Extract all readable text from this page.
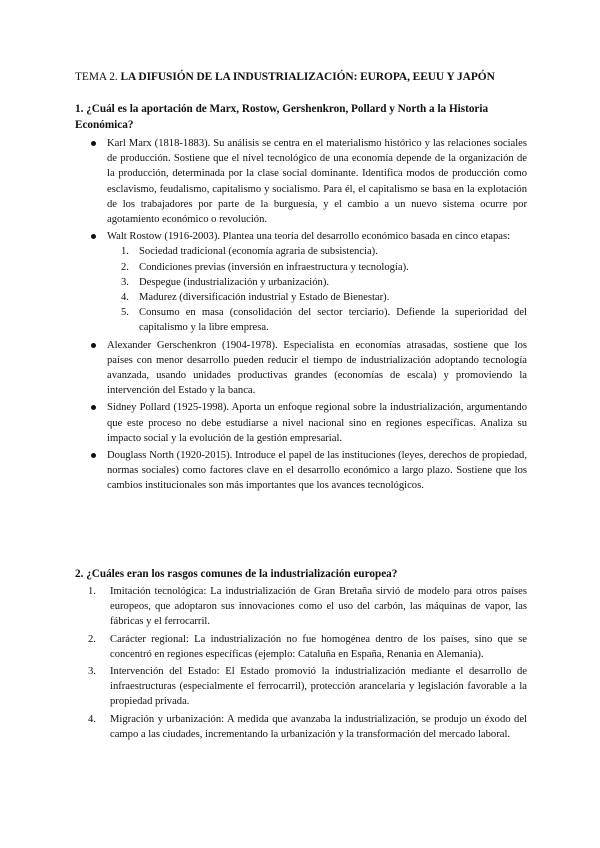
TEMA 2. LA DIFUSIÓN DE LA INDUSTRIALIZACIÓN: EUROPA, EEUU Y JAPÓN
1. ¿Cuál es la aportación de Marx, Rostow, Gershenkron, Pollard y North a la Historia Económica?
Karl Marx (1818-1883). Su análisis se centra en el materialismo histórico y las relaciones sociales de producción. Sostiene que el nivel tecnológico de una economía depende de la organización de la producción, determinada por la clase social dominante. Identifica modos de producción como esclavismo, feudalismo, capitalismo y socialismo. Para él, el capitalismo se basa en la explotación de los trabajadores por parte de la burguesía, y el cambio a un nuevo sistema ocurre por agotamiento económico o revolución.
Walt Rostow (1916-2003). Plantea una teoría del desarrollo económico basada en cinco etapas:
1. Sociedad tradicional (economía agraria de subsistencia).
2. Condiciones previas (inversión en infraestructura y tecnología).
3. Despegue (industrialización y urbanización).
4. Madurez (diversificación industrial y Estado de Bienestar).
5. Consumo en masa (consolidación del sector terciario). Defiende la superioridad del capitalismo y la libre empresa.
Alexander Gerschenkron (1904-1978). Especialista en economías atrasadas, sostiene que los países con menor desarrollo pueden reducir el tiempo de industrialización adoptando tecnología avanzada, usando unidades productivas grandes (economías de escala) y promoviendo la intervención del Estado y la banca.
Sidney Pollard (1925-1998). Aporta un enfoque regional sobre la industrialización, argumentando que este proceso no debe estudiarse a nivel nacional sino en regiones específicas. Analiza su impacto social y la evolución de la gestión empresarial.
Douglass North (1920-2015). Introduce el papel de las instituciones (leyes, derechos de propiedad, normas sociales) como factores clave en el desarrollo económico a largo plazo. Sostiene que los cambios institucionales son más importantes que los avances tecnológicos.
2. ¿Cuáles eran los rasgos comunes de la industrialización europea?
1. Imitación tecnológica: La industrialización de Gran Bretaña sirvió de modelo para otros países europeos, que adoptaron sus innovaciones como el uso del carbón, las máquinas de vapor, las fábricas y el ferrocarril.
2. Carácter regional: La industrialización no fue homogénea dentro de los países, sino que se concentró en regiones específicas (ejemplo: Cataluña en España, Renania en Alemania).
3. Intervención del Estado: El Estado promovió la industrialización mediante el desarrollo de infraestructuras (especialmente el ferrocarril), protección arancelaria y legislación favorable a la propiedad privada.
4. Migración y urbanización: A medida que avanzaba la industrialización, se produjo un éxodo del campo a las ciudades, incrementando la urbanización y la transformación del mercado laboral.
